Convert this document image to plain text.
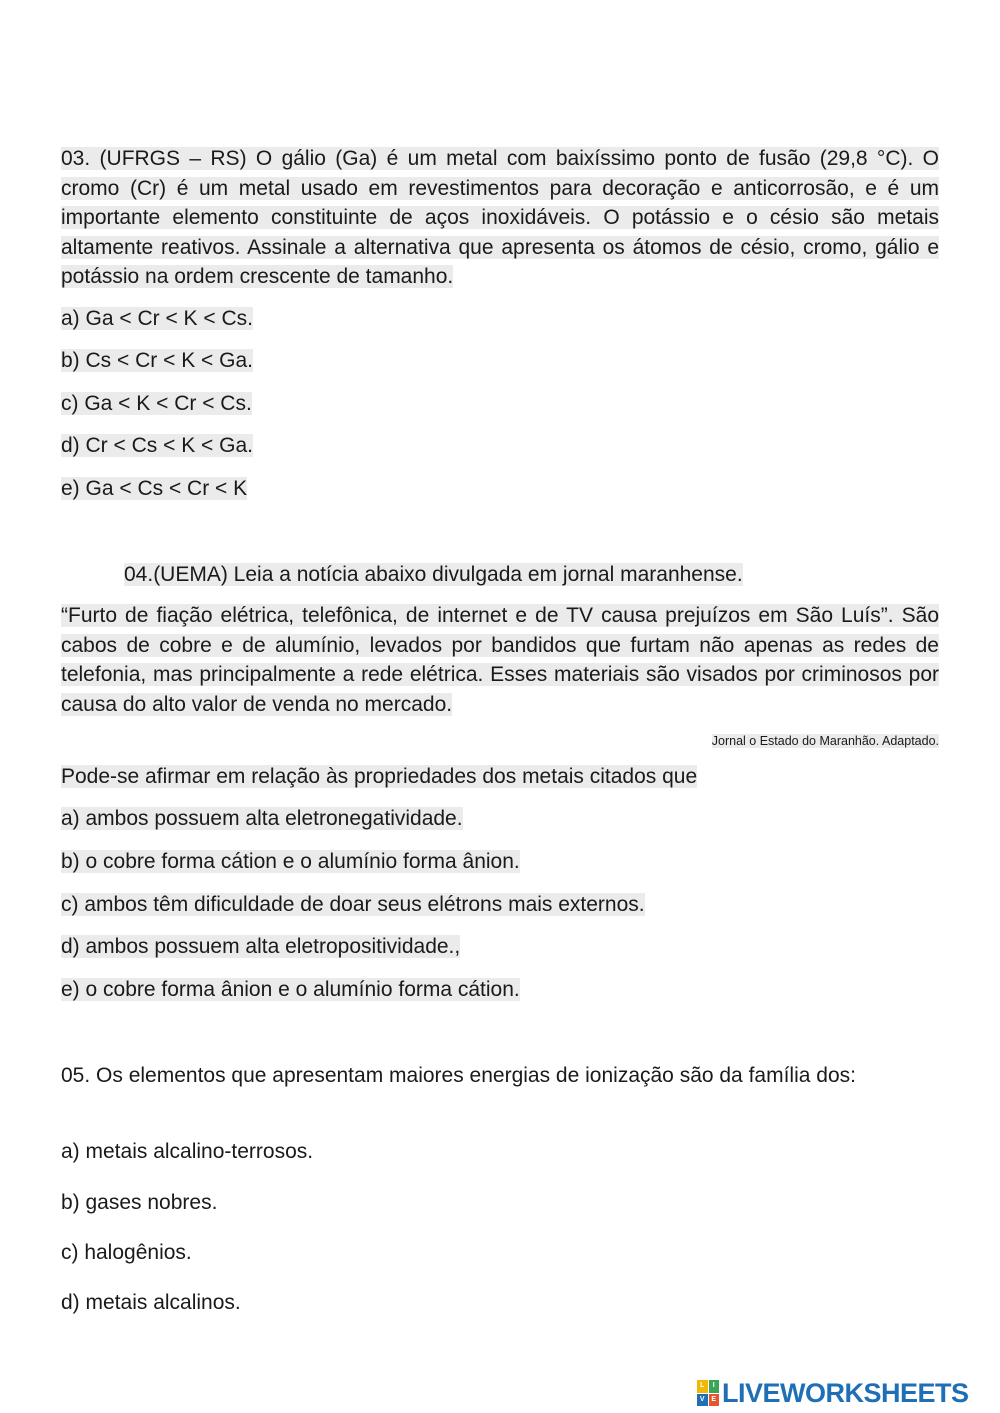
03. (UFRGS – RS) O gálio (Ga) é um metal com baixíssimo ponto de fusão (29,8 °C). O cromo (Cr) é um metal usado em revestimentos para decoração e anticorrosão, e é um importante elemento constituinte de aços inoxidáveis. O potássio e o césio são metais altamente reativos. Assinale a alternativa que apresenta os átomos de césio, cromo, gálio e potássio na ordem crescente de tamanho.
a) Ga < Cr < K < Cs.
b) Cs < Cr < K < Ga.
c) Ga < K < Cr < Cs.
d) Cr < Cs < K < Ga.
e) Ga < Cs < Cr < K
04.(UEMA) Leia a notícia abaixo divulgada em jornal maranhense.
“Furto de fiação elétrica, telefônica, de internet e de TV causa prejuízos em São Luís”. São cabos de cobre e de alumínio, levados por bandidos que furtam não apenas as redes de telefonia, mas principalmente a rede elétrica. Esses materiais são visados por criminosos por causa do alto valor de venda no mercado.
Jornal o Estado do Maranhão. Adaptado.
Pode-se afirmar em relação às propriedades dos metais citados que
a) ambos possuem alta eletronegatividade.
b) o cobre forma cátion e o alumínio forma ânion.
c) ambos têm dificuldade de doar seus elétrons mais externos.
d) ambos possuem alta eletropositividade.,
e) o cobre forma ânion e o alumínio forma cátion.
05. Os elementos que apresentam maiores energias de ionização são da família dos:
a) metais alcalino-terrosos.
b) gases nobres.
c) halogênios.
d) metais alcalinos.
L	I
V E LIVEWORKSHEETS
